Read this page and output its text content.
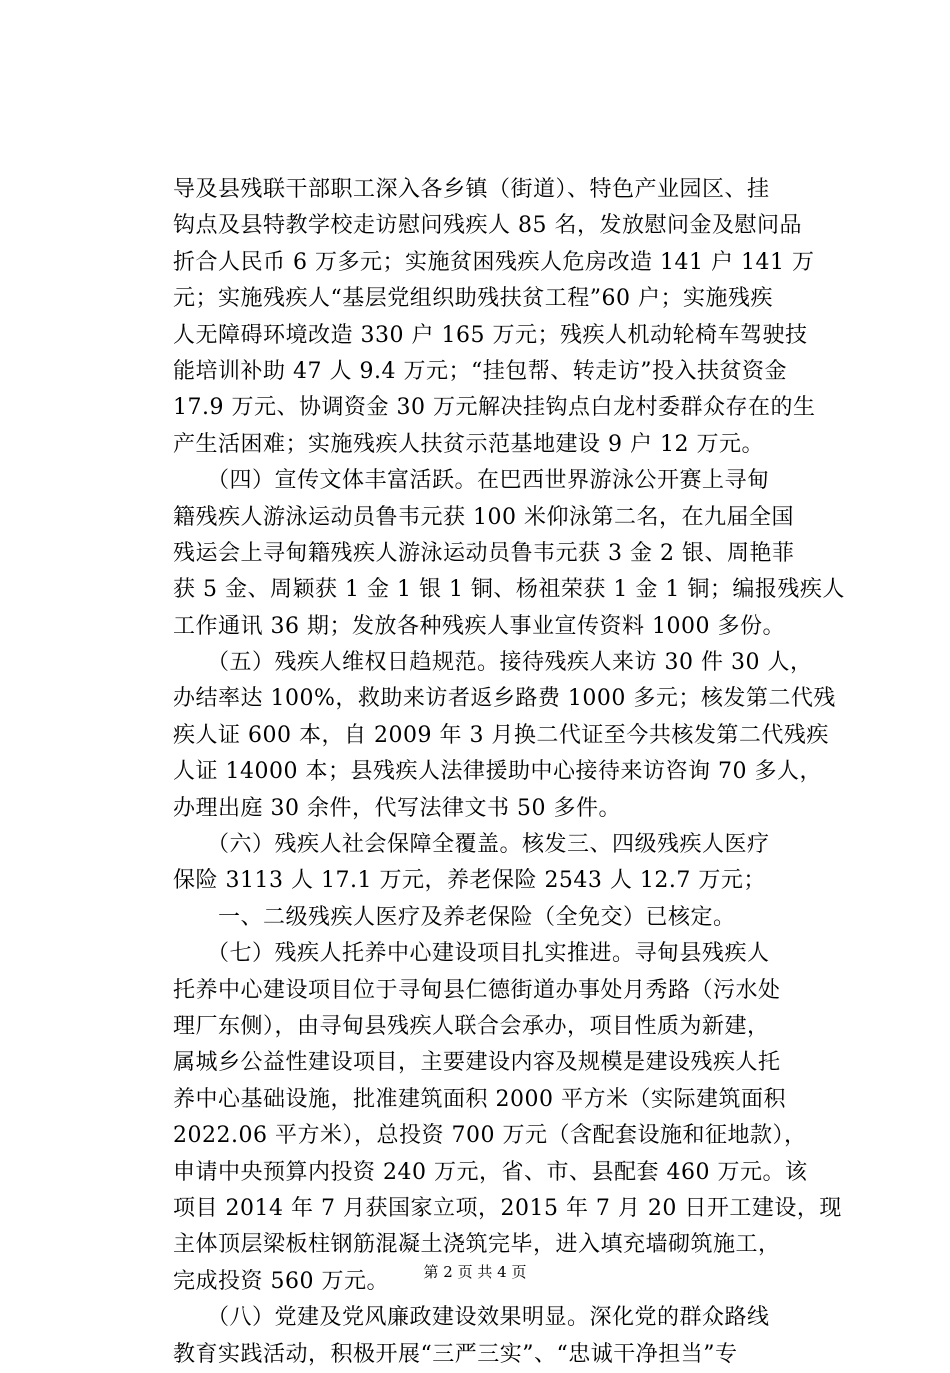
导及县残联干部职工深入各乡镇（街道）、特色产业园区、挂
钩点及县特教学校走访慰问残疾人 85 名，发放慰问金及慰问品
折合人民币 6 万多元；实施贫困残疾人危房改造 141 户 141 万
元；实施残疾人“基层党组织助残扶贫工程”60 户；实施残疾
人无障碍环境改造 330 户 165 万元；残疾人机动轮椅车驾驶技
能培训补助 47 人 9.4 万元；“挂包帮、转走访”投入扶贫资金
17.9 万元、协调资金 30 万元解决挂钩点白龙村委群众存在的生
产生活困难；实施残疾人扶贫示范基地建设 9 户 12 万元。
　　（四）宣传文体丰富活跃。在巴西世界游泳公开赛上寻甸
籍残疾人游泳运动员鲁韦元获 100 米仰泳第二名，在九届全国
残运会上寻甸籍残疾人游泳运动员鲁韦元获 3 金 2 银、周艳菲
获 5 金、周颖获 1 金 1 银 1 铜、杨祖荣获 1 金 1 铜；编报残疾人
工作通讯 36 期；发放各种残疾人事业宣传资料 1000 多份。
　　（五）残疾人维权日趋规范。接待残疾人来访 30 件 30 人，
办结率达 100%，救助来访者返乡路费 1000 多元；核发第二代残
疾人证 600 本，自 2009 年 3 月换二代证至今共核发第二代残疾
人证 14000 本；县残疾人法律援助中心接待来访咨询 70 多人，
办理出庭 30 余件，代写法律文书 50 多件。
　　（六）残疾人社会保障全覆盖。核发三、四级残疾人医疗
保险 3113 人 17.1 万元，养老保险 2543 人 12.7 万元；
　　一、二级残疾人医疗及养老保险（全免交）已核定。
　　（七）残疾人托养中心建设项目扎实推进。寻甸县残疾人
托养中心建设项目位于寻甸县仁德街道办事处月秀路（污水处
理厂东侧），由寻甸县残疾人联合会承办，项目性质为新建，
属城乡公益性建设项目，主要建设内容及规模是建设残疾人托
养中心基础设施，批准建筑面积 2000 平方米（实际建筑面积
2022.06 平方米），总投资 700 万元（含配套设施和征地款），
申请中央预算内投资 240 万元，省、市、县配套 460 万元。该
项目 2014 年 7 月获国家立项，2015 年 7 月 20 日开工建设，现
主体顶层梁板柱钢筋混凝土浇筑完毕，进入填充墙砌筑施工，
完成投资 560 万元。
　　（八）党建及党风廉政建设效果明显。深化党的群众路线
教育实践活动，积极开展“三严三实”、“忠诚干净担当”专
第 2 页 共 4 页
